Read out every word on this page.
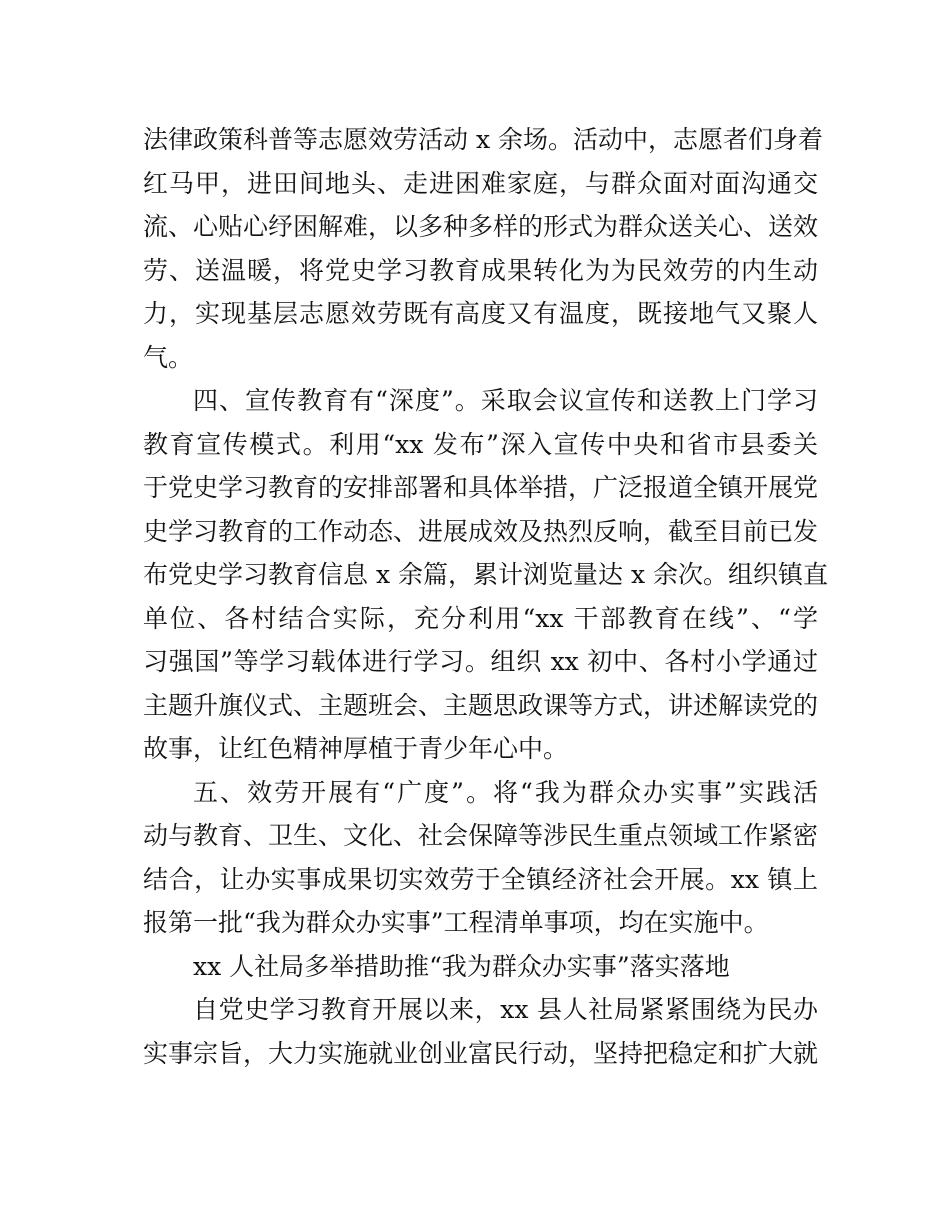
法律政策科普等志愿效劳活动 x 余场。活动中，志愿者们身着
红马甲，进田间地头、走进困难家庭，与群众面对面沟通交
流、心贴心纾困解难，以多种多样的形式为群众送关心、送效
劳、送温暖，将党史学习教育成果转化为为民效劳的内生动
力，实现基层志愿效劳既有高度又有温度，既接地气又聚人
气。
四、宣传教育有“深度”。采取会议宣传和送教上门学习
教育宣传模式。利用“xx 发布”深入宣传中央和省市县委关
于党史学习教育的安排部署和具体举措，广泛报道全镇开展党
史学习教育的工作动态、进展成效及热烈反响，截至目前已发
布党史学习教育信息 x 余篇，累计浏览量达 x 余次。组织镇直
单位、各村结合实际，充分利用“xx 干部教育在线”、“学
习强国”等学习载体进行学习。组织 xx 初中、各村小学通过
主题升旗仪式、主题班会、主题思政课等方式，讲述解读党的
故事，让红色精神厚植于青少年心中。
五、效劳开展有“广度”。将“我为群众办实事”实践活
动与教育、卫生、文化、社会保障等涉民生重点领域工作紧密
结合，让办实事成果切实效劳于全镇经济社会开展。xx 镇上
报第一批“我为群众办实事”工程清单事项，均在实施中。
xx 人社局多举措助推“我为群众办实事”落实落地
自党史学习教育开展以来，xx 县人社局紧紧围绕为民办
实事宗旨，大力实施就业创业富民行动，坚持把稳定和扩大就
